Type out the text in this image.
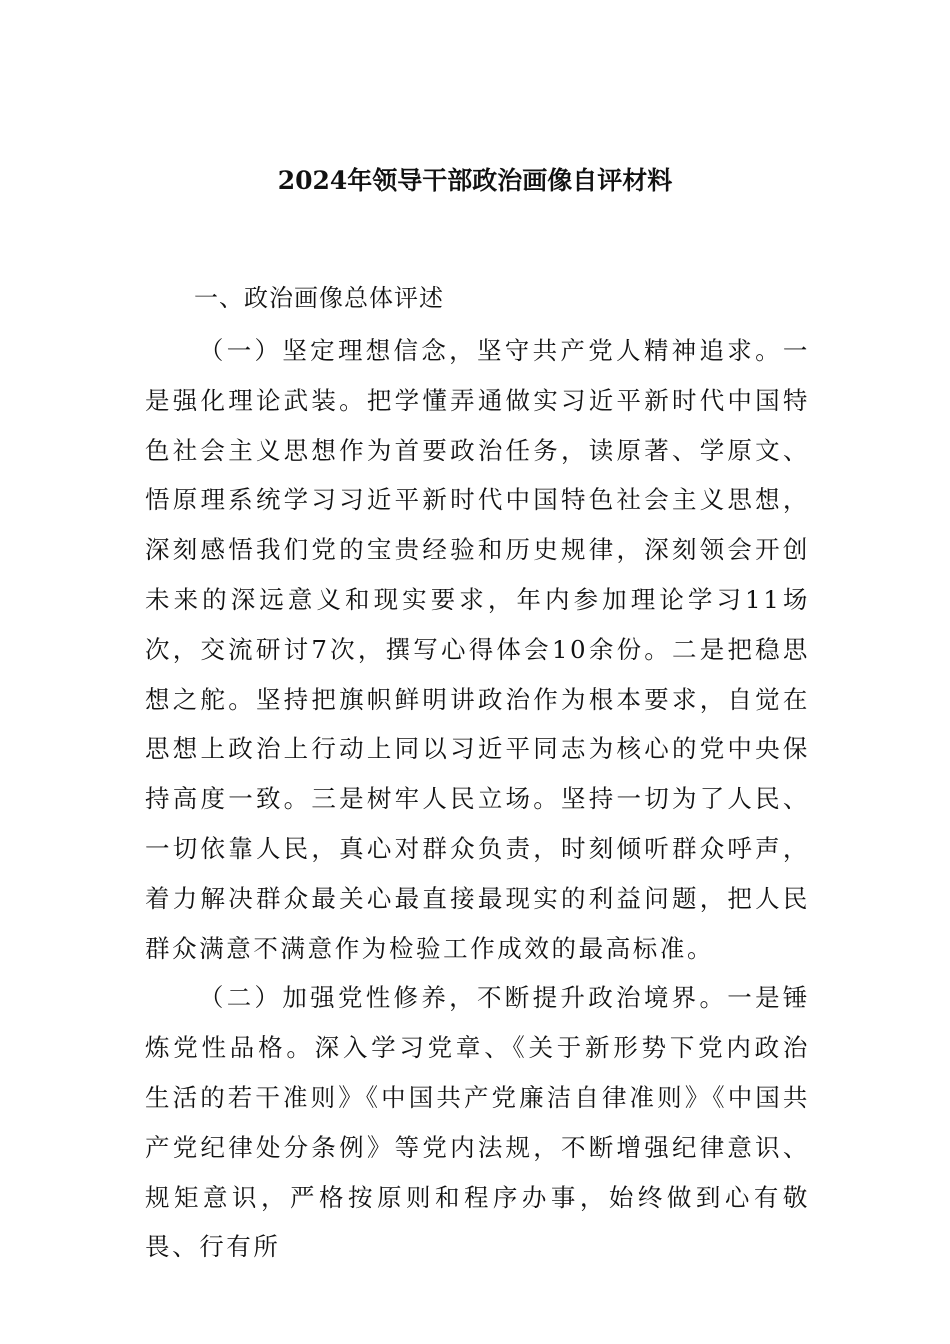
2024年领导干部政治画像自评材料
一、政治画像总体评述

（一）坚定理想信念，坚守共产党人精神追求。一是强化理论武装。把学懂弄通做实习近平新时代中国特色社会主义思想作为首要政治任务，读原著、学原文、悟原理系统学习习近平新时代中国特色社会主义思想，深刻感悟我们党的宝贵经验和历史规律，深刻领会开创未来的深远意义和现实要求，年内参加理论学习11场次，交流研讨7次，撰写心得体会10余份。二是把稳思想之舵。坚持把旗帜鲜明讲政治作为根本要求，自觉在思想上政治上行动上同以习近平同志为核心的党中央保持高度一致。三是树牢人民立场。坚持一切为了人民、一切依靠人民，真心对群众负责，时刻倾听群众呼声，着力解决群众最关心最直接最现实的利益问题，把人民群众满意不满意作为检验工作成效的最高标准。

（二）加强党性修养，不断提升政治境界。一是锤炼党性品格。深入学习党章、《关于新形势下党内政治生活的若干准则》《中国共产党廉洁自律准则》《中国共产党纪律处分条例》等党内法规，不断增强纪律意识、规矩意识，严格按原则和程序办事，始终做到心有敬畏、行有所
